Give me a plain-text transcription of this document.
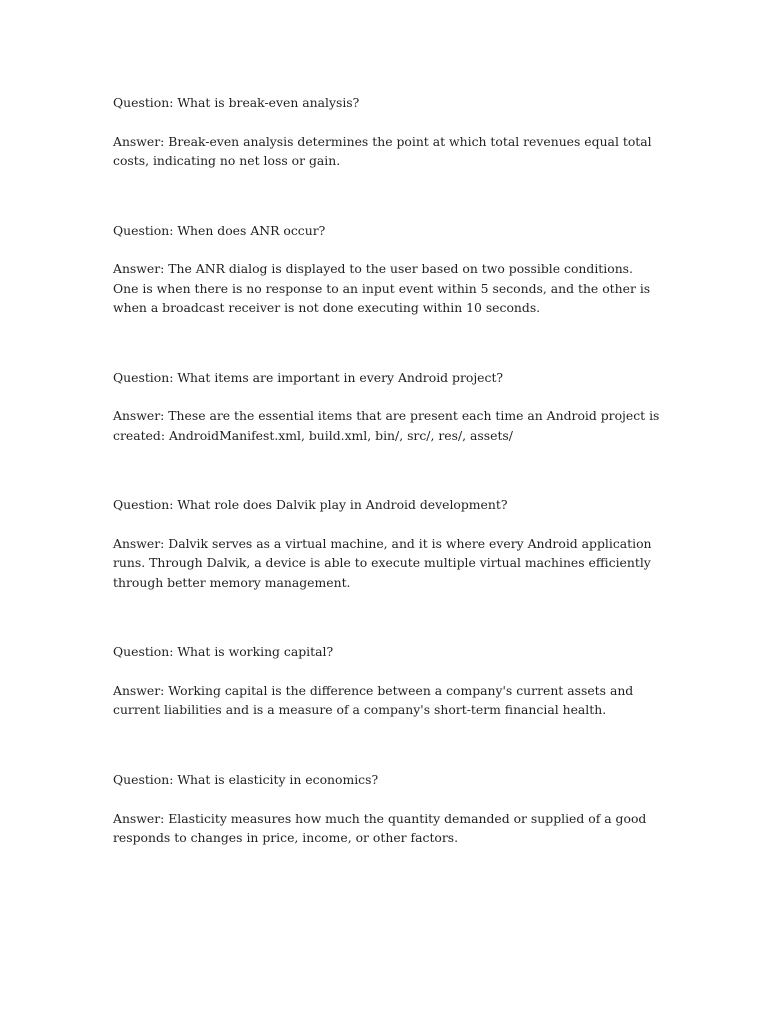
Question: What is break-even analysis?

Answer: Break-even analysis determines the point at which total revenues equal total costs, indicating no net loss or gain.

Question: When does ANR occur?

Answer: The ANR dialog is displayed to the user based on two possible conditions. One is when there is no response to an input event within 5 seconds, and the other is when a broadcast receiver is not done executing within 10 seconds.

Question: What items are important in every Android project?

Answer: These are the essential items that are present each time an Android project is created: AndroidManifest.xml, build.xml, bin/, src/, res/, assets/

Question: What role does Dalvik play in Android development?

Answer: Dalvik serves as a virtual machine, and it is where every Android application runs. Through Dalvik, a device is able to execute multiple virtual machines efficiently through better memory management.

Question: What is working capital?

Answer: Working capital is the difference between a company's current assets and current liabilities and is a measure of a company's short-term financial health.

Question: What is elasticity in economics?

Answer: Elasticity measures how much the quantity demanded or supplied of a good responds to changes in price, income, or other factors.
